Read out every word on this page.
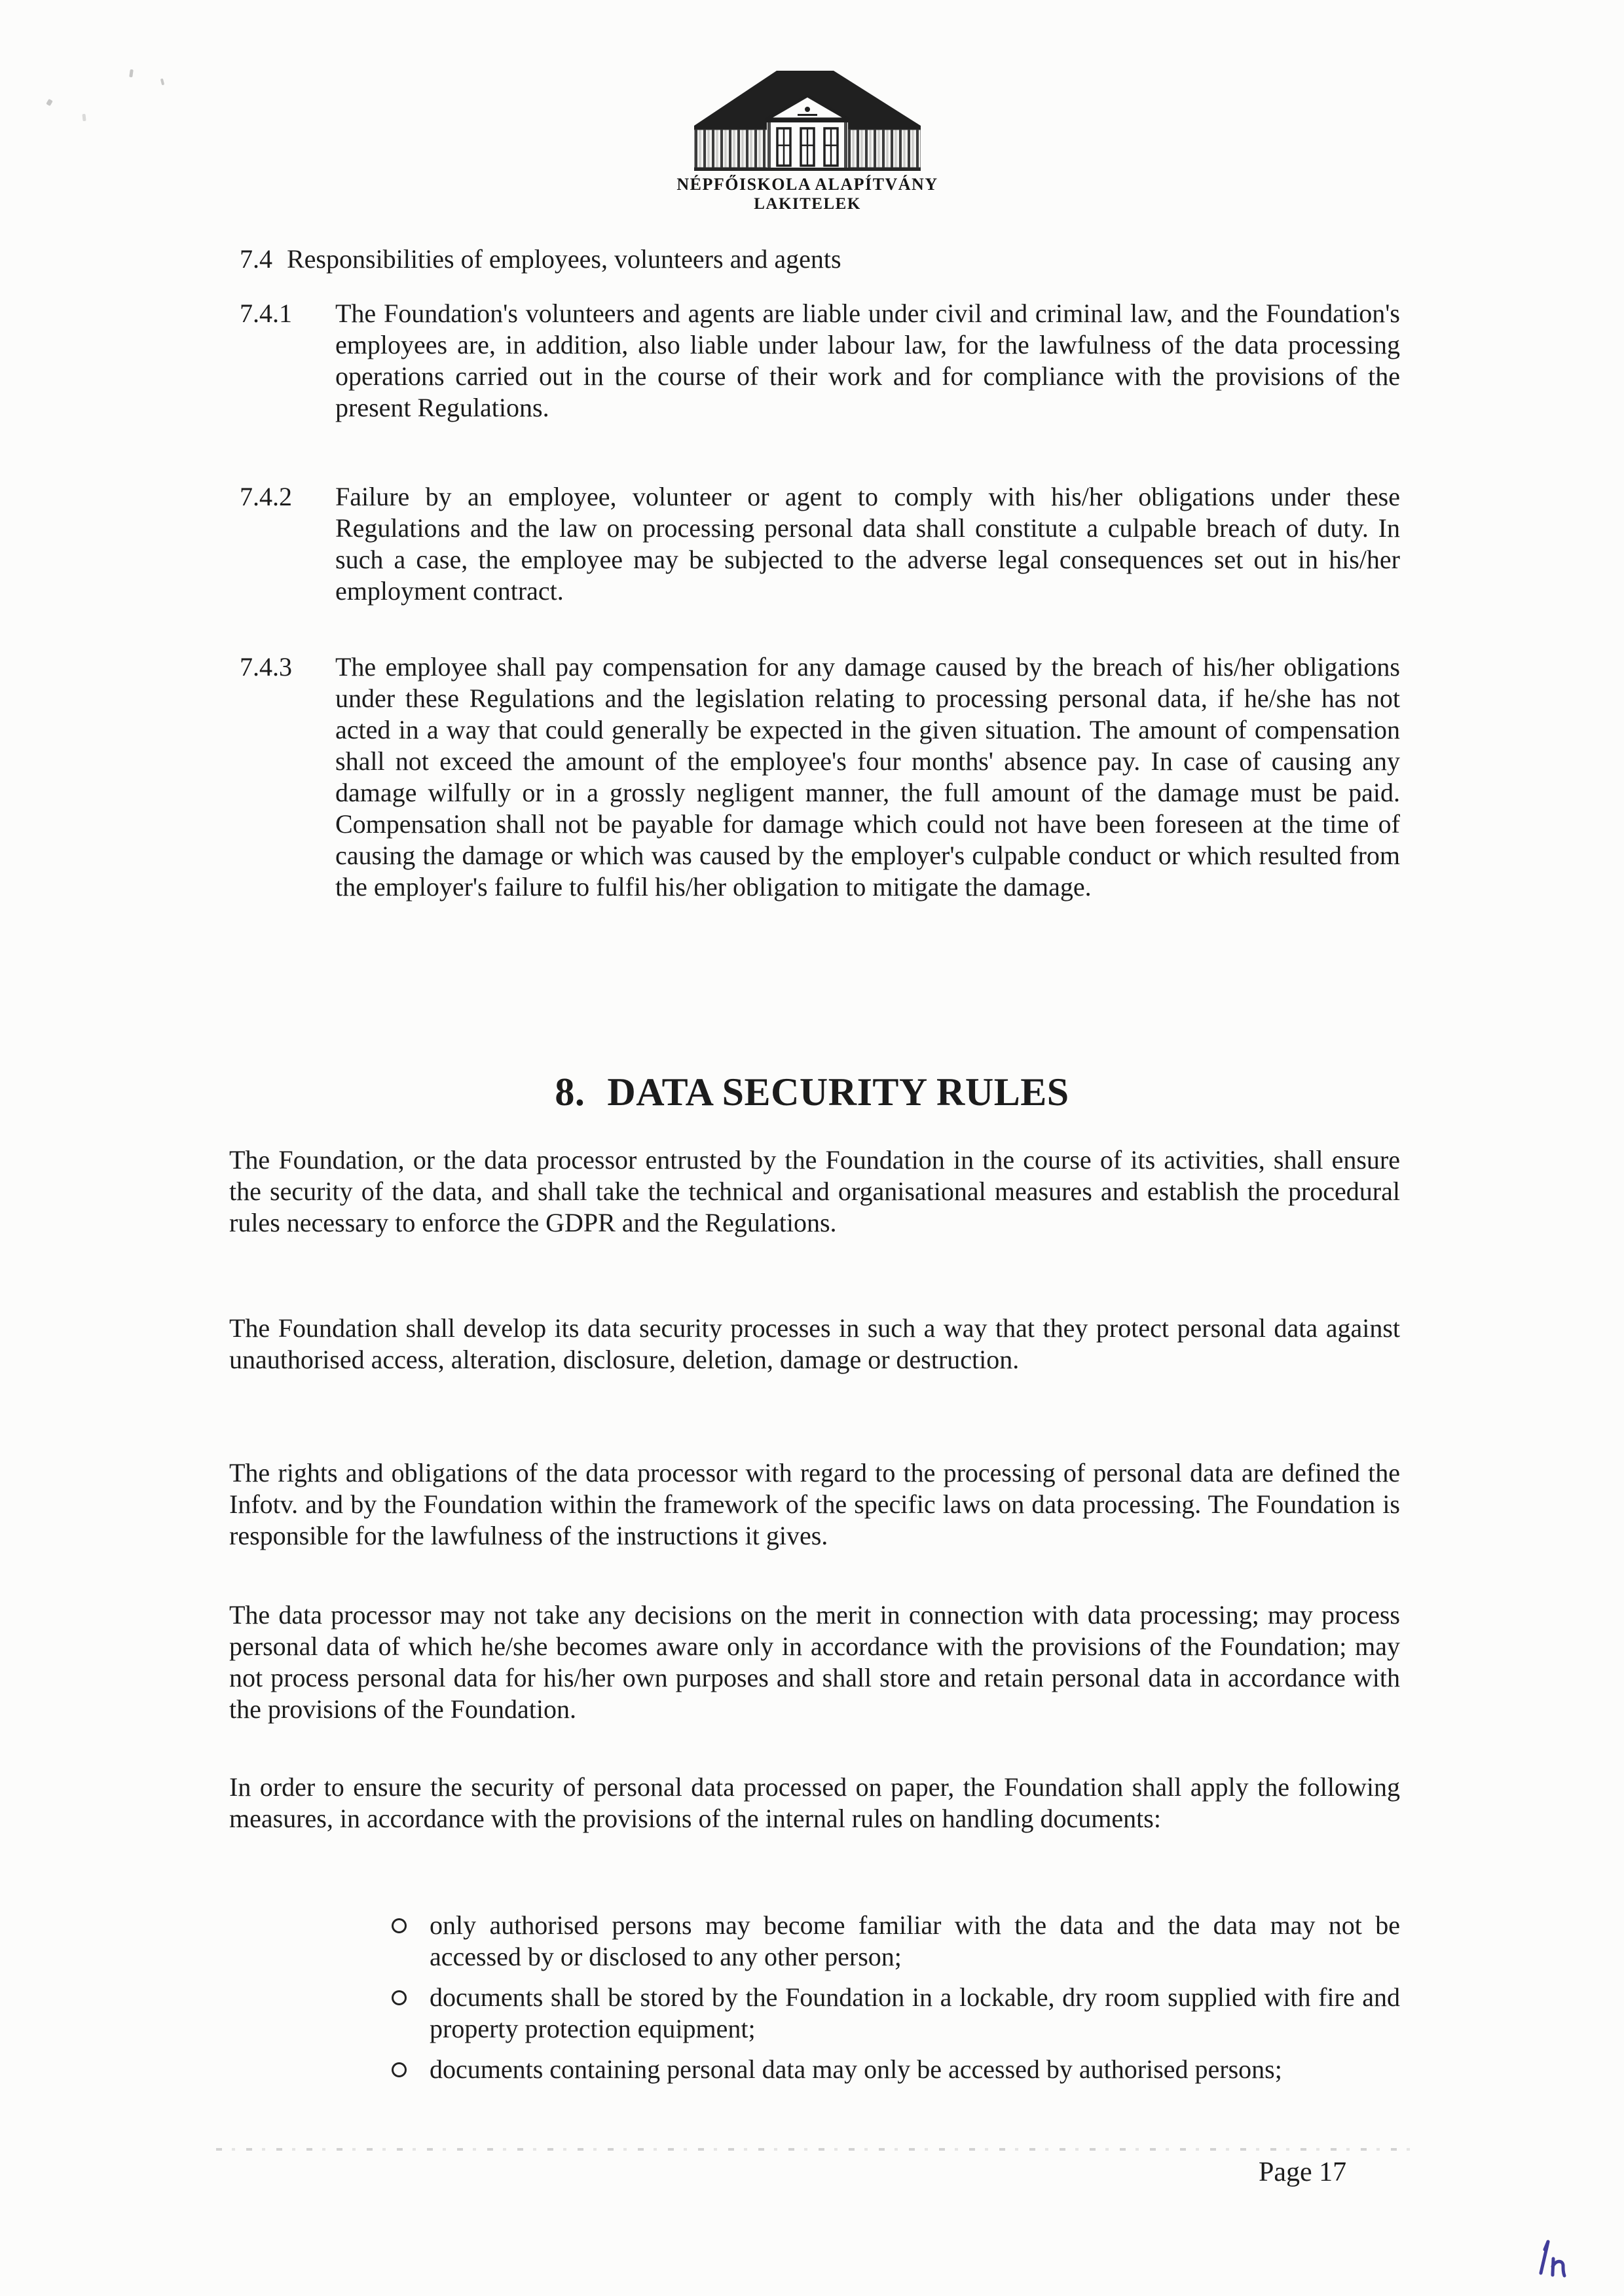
NÉPFŐISKOLA ALAPÍTVÁNY
LAKITELEK
7.4 Responsibilities of employees, volunteers and agents
7.4.1 The Foundation's volunteers and agents are liable under civil and criminal law, and the Foundation's employees are, in addition, also liable under labour law, for the lawfulness of the data processing operations carried out in the course of their work and for compliance with the provisions of the present Regulations.
7.4.2 Failure by an employee, volunteer or agent to comply with his/her obligations under these Regulations and the law on processing personal data shall constitute a culpable breach of duty. In such a case, the employee may be subjected to the adverse legal consequences set out in his/her employment contract.
7.4.3 The employee shall pay compensation for any damage caused by the breach of his/her obligations under these Regulations and the legislation relating to processing personal data, if he/she has not acted in a way that could generally be expected in the given situation. The amount of compensation shall not exceed the amount of the employee's four months' absence pay. In case of causing any damage wilfully or in a grossly negligent manner, the full amount of the damage must be paid. Compensation shall not be payable for damage which could not have been foreseen at the time of causing the damage or which was caused by the employer's culpable conduct or which resulted from the employer's failure to fulfil his/her obligation to mitigate the damage.
8. DATA SECURITY RULES
The Foundation, or the data processor entrusted by the Foundation in the course of its activities, shall ensure the security of the data, and shall take the technical and organisational measures and establish the procedural rules necessary to enforce the GDPR and the Regulations.
The Foundation shall develop its data security processes in such a way that they protect personal data against unauthorised access, alteration, disclosure, deletion, damage or destruction.
The rights and obligations of the data processor with regard to the processing of personal data are defined the Infotv. and by the Foundation within the framework of the specific laws on data processing. The Foundation is responsible for the lawfulness of the instructions it gives.
The data processor may not take any decisions on the merit in connection with data processing; may process personal data of which he/she becomes aware only in accordance with the provisions of the Foundation; may not process personal data for his/her own purposes and shall store and retain personal data in accordance with the provisions of the Foundation.
In order to ensure the security of personal data processed on paper, the Foundation shall apply the following measures, in accordance with the provisions of the internal rules on handling documents:
only authorised persons may become familiar with the data and the data may not be accessed by or disclosed to any other person;
documents shall be stored by the Foundation in a lockable, dry room supplied with fire and property protection equipment;
documents containing personal data may only be accessed by authorised persons;
Page 17
